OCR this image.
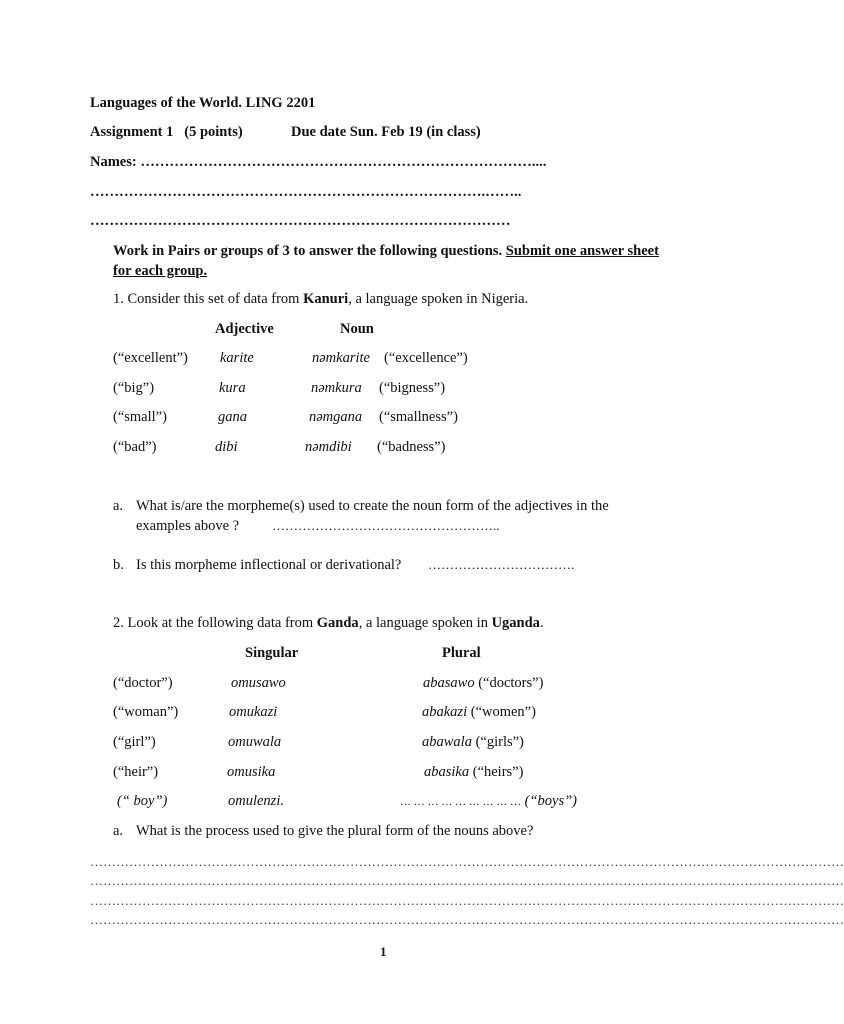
Languages of the World. LING 2201
Assignment 1 (5 points)	Due date Sun. Feb 19 (in class)
Names: ………………………………………………………………………....
……………………………………………………………………….……..
……………………………………………………………………………
Work in Pairs or groups of 3 to answer the following questions. Submit one answer sheet for each group.
1. Consider this set of data from Kanuri, a language spoken in Nigeria.
Adjective	Noun
(“excellent”) karite	nəmkarite (“excellence”)
(“big”)	kura	nəmkura (“bigness”)
(“small”)	gana	nəmgana (“smallness”)
(“bad”)	dibi	nəmdibi (“badness”)
a. What is/are the morpheme(s) used to create the noun form of the adjectives in the
examples above ?	……………………………………………..
b. Is this morpheme inflectional or derivational? …………………………….
2. Look at the following data from Ganda, a language spoken in Uganda.
Singular	Plural
(“doctor”)	omusawo	abasawo (“doctors”)
(“woman”)	omukazi	abakazi (“women”)
(“girl”)	omuwala	abawala (“girls”)
(“heir”)	omusika	abasika (“heirs”)
(“ boy”)	omulenzi.	… … … … … … … … … (“boys”)
a. What is the process used to give the plural form of the nouns above?
…………………………………………………………………………………………………………………………………………………………
…………………………………………………………………………………………………………………………………………………………
…………………………………………………………………………………………………………………………………………………………
…………………………………………………………………………………………………………………………………………………………
1
